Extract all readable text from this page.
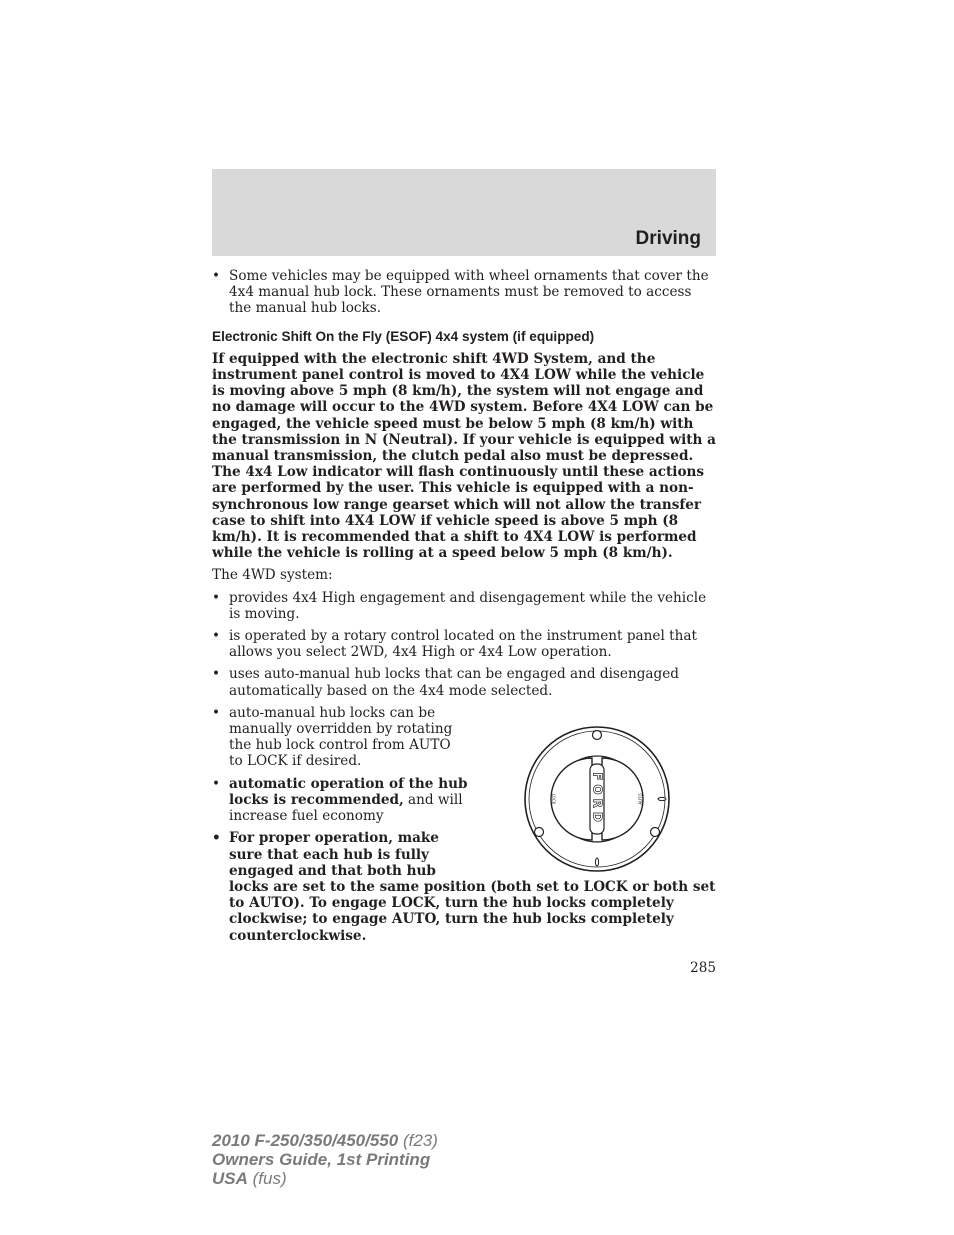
Driving
• Some vehicles may be equipped with wheel ornaments that cover the 4x4 manual hub lock. These ornaments must be removed to access the manual hub locks.
Electronic Shift On the Fly (ESOF) 4x4 system (if equipped)

If equipped with the electronic shift 4WD System, and the instrument panel control is moved to 4X4 LOW while the vehicle is moving above 5 mph (8 km/h), the system will not engage and no damage will occur to the 4WD system. Before 4X4 LOW can be engaged, the vehicle speed must be below 5 mph (8 km/h) with the transmission in N (Neutral). If your vehicle is equipped with a manual transmission, the clutch pedal also must be depressed.

The 4x4 Low indicator will flash continuously until these actions are performed by the user. This vehicle is equipped with a non-synchronous low range gearset which will not allow the transfer case to shift into 4X4 LOW if vehicle speed is above 5 mph (8 km/h). It is recommended that a shift to 4X4 LOW is performed while the vehicle is rolling at a speed below 5 mph (8 km/h).

The 4WD system:

• provides 4x4 High engagement and disengagement while the vehicle is moving.
• is operated by a rotary control located on the instrument panel that allows you select 2WD, 4x4 High or 4x4 Low operation.
• uses auto-manual hub locks that can be engaged and disengaged automatically based on the 4x4 mode selected.
• auto-manual hub locks can be manually overridden by rotating the hub lock control from AUTO to LOCK if desired.
• automatic operation of the hub locks is recommended, and will increase fuel economy
• For proper operation, make

sure that each hub is fully

engaged and that both hub

locks are set to the same position (both set to LOCK or both set to AUTO). To engage LOCK, turn the hub locks completely clockwise; to engage AUTO, turn the hub locks completely counterclockwise.

FORD
LOCK	AUTO
285
2010 F-250/350/450/550 (f23)
Owners Guide, 1st Printing
USA (fus)
